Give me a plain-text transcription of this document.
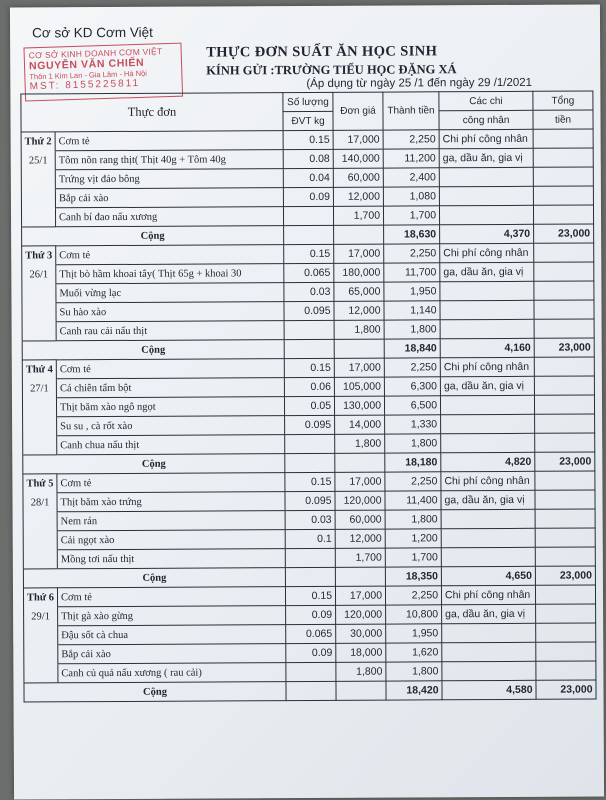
Cơ sở KD Cơm Việt
CƠ SỞ KINH DOANH CƠM VIỆT
NGUYỄN VĂN CHIẾN
Thôn 1 Kim Lan - Gia Lâm - Hà Nội
MST: 8155225811
THỰC ĐƠN SUẤT ĂN HỌC SINH
KÍNH GỬI :TRƯỜNG TIỂU HỌC ĐẶNG XÁ
(Áp dụng từ ngày 25 /1 đến ngày 29 /1/2021
Thực đơn		Số lượng	Đơn giá	Thành tiền	Các chi	Tổng
		ĐVT kg			công nhân	tiền
Thứ 2	Cơm tẻ	0.15	17,000	2,250	Chi phí công nhân	
25/1	Tôm nõn rang thịt( Thịt 40g + Tôm 40g	0.08	140,000	11,200	ga, dầu ăn, gia vị	
	Trứng vịt đảo bông	0.04	60,000	2,400		
	Bắp cải xào	0.09	12,000	1,080		
	Canh bí đao nấu xương		1,700	1,700		
Cộng				18,630	4,370	23,000
Thứ 3	Cơm tẻ	0.15	17,000	2,250	Chi phí công nhân	
26/1	Thịt bò hầm khoai tây( Thịt 65g + khoai 30	0.065	180,000	11,700	ga, dầu ăn, gia vị	
	Muối vừng lạc	0.03	65,000	1,950		
	Su hào xào	0.095	12,000	1,140		
	Canh rau cải nấu thịt		1,800	1,800		
Cộng				18,840	4,160	23,000
Thứ 4	Cơm tẻ	0.15	17,000	2,250	Chi phí công nhân	
27/1	Cá chiên tẩm bột	0.06	105,000	6,300	ga, dầu ăn, gia vị	
	Thịt băm xào ngô ngọt	0.05	130,000	6,500		
	Su su , cà rốt xào	0.095	14,000	1,330		
	Canh chua nấu thịt		1,800	1,800		
Cộng				18,180	4,820	23,000
Thứ 5	Cơm tẻ	0.15	17,000	2,250	Chi phí công nhân	
28/1	Thịt băm xào trứng	0.095	120,000	11,400	ga, dầu ăn, gia vị	
	Nem rán	0.03	60,000	1,800		
	Cải ngọt xào	0.1	12,000	1,200		
	Mồng tơi nấu thịt		1,700	1,700		
Cộng				18,350	4,650	23,000
Thứ 6	Cơm tẻ	0.15	17,000	2,250	Chi phí công nhân	
29/1	Thịt gà xào gừng	0.09	120,000	10,800	ga, dầu ăn, gia vị	
	Đậu sốt cà chua	0.065	30,000	1,950		
	Bắp cải xào	0.09	18,000	1,620		
	Canh củ quả nấu xương ( rau cải)		1,800	1,800		
Cộng				18,420	4,580	23,000
